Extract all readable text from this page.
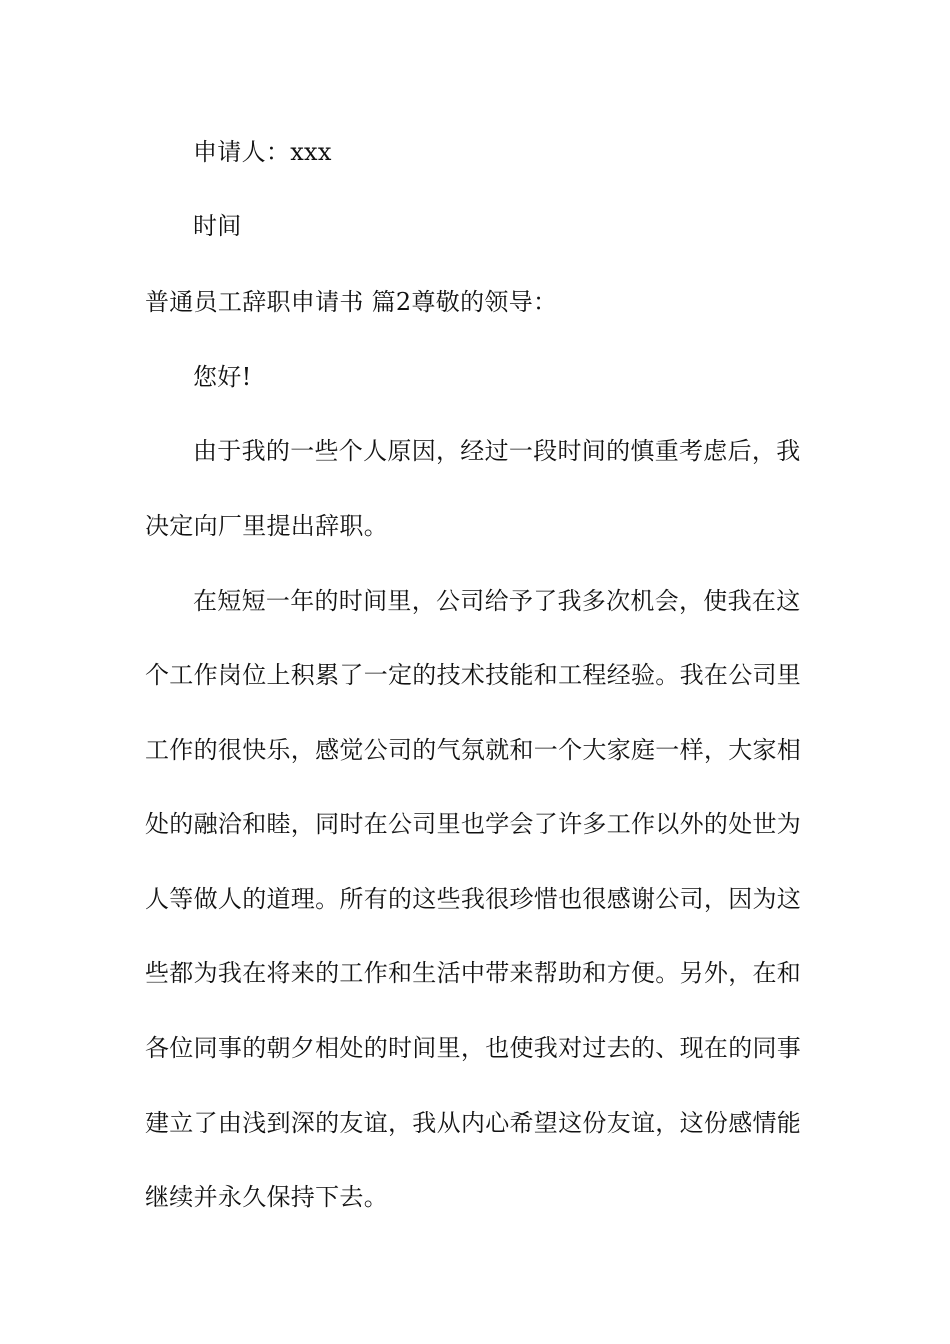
申请人：xxx
时间
普通员工辞职申请书 篇2尊敬的领导：
您好!
由于我的一些个人原因，经过一段时间的慎重考虑后，我
决定向厂里提出辞职。
在短短一年的时间里，公司给予了我多次机会，使我在这
个工作岗位上积累了一定的技术技能和工程经验。我在公司里
工作的很快乐，感觉公司的气氛就和一个大家庭一样，大家相
处的融洽和睦，同时在公司里也学会了许多工作以外的处世为
人等做人的道理。所有的这些我很珍惜也很感谢公司，因为这
些都为我在将来的工作和生活中带来帮助和方便。另外，在和
各位同事的朝夕相处的时间里，也使我对过去的、现在的同事
建立了由浅到深的友谊，我从内心希望这份友谊，这份感情能
继续并永久保持下去。
